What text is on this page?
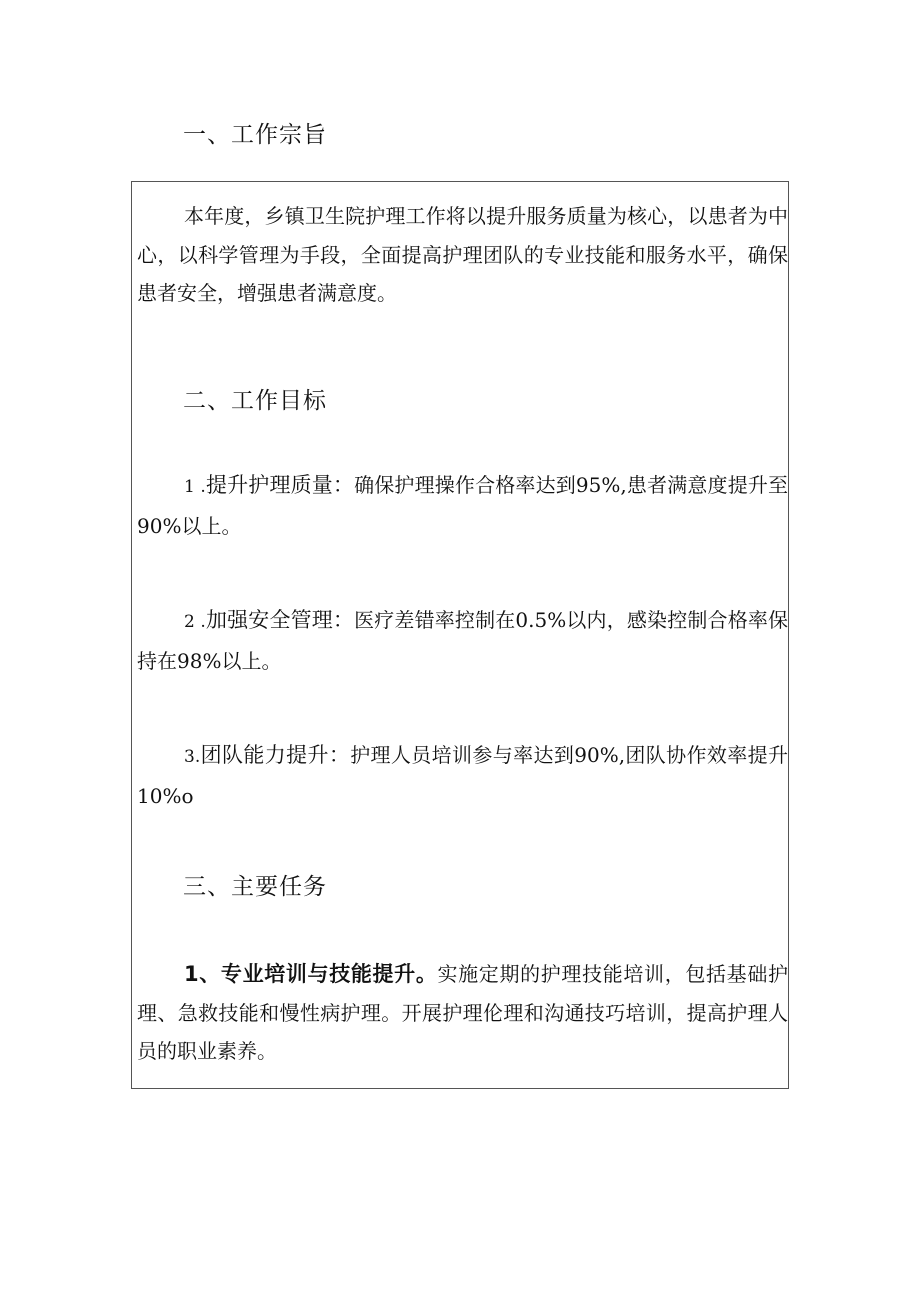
一、工作宗旨
本年度，乡镇卫生院护理工作将以提升服务质量为核心，以患者为中心，以科学管理为手段，全面提高护理团队的专业技能和服务水平，确保患者安全，增强患者满意度。
二、工作目标
1 .提升护理质量：确保护理操作合格率达到95%,患者满意度提升至90%以上。
2 .加强安全管理：医疗差错率控制在0.5%以内，感染控制合格率保持在98%以上。
3.团队能力提升：护理人员培训参与率达到90%,团队协作效率提升10%o
三、主要任务
1、专业培训与技能提升。实施定期的护理技能培训，包括基础护理、急救技能和慢性病护理。开展护理伦理和沟通技巧培训，提高护理人员的职业素养。
